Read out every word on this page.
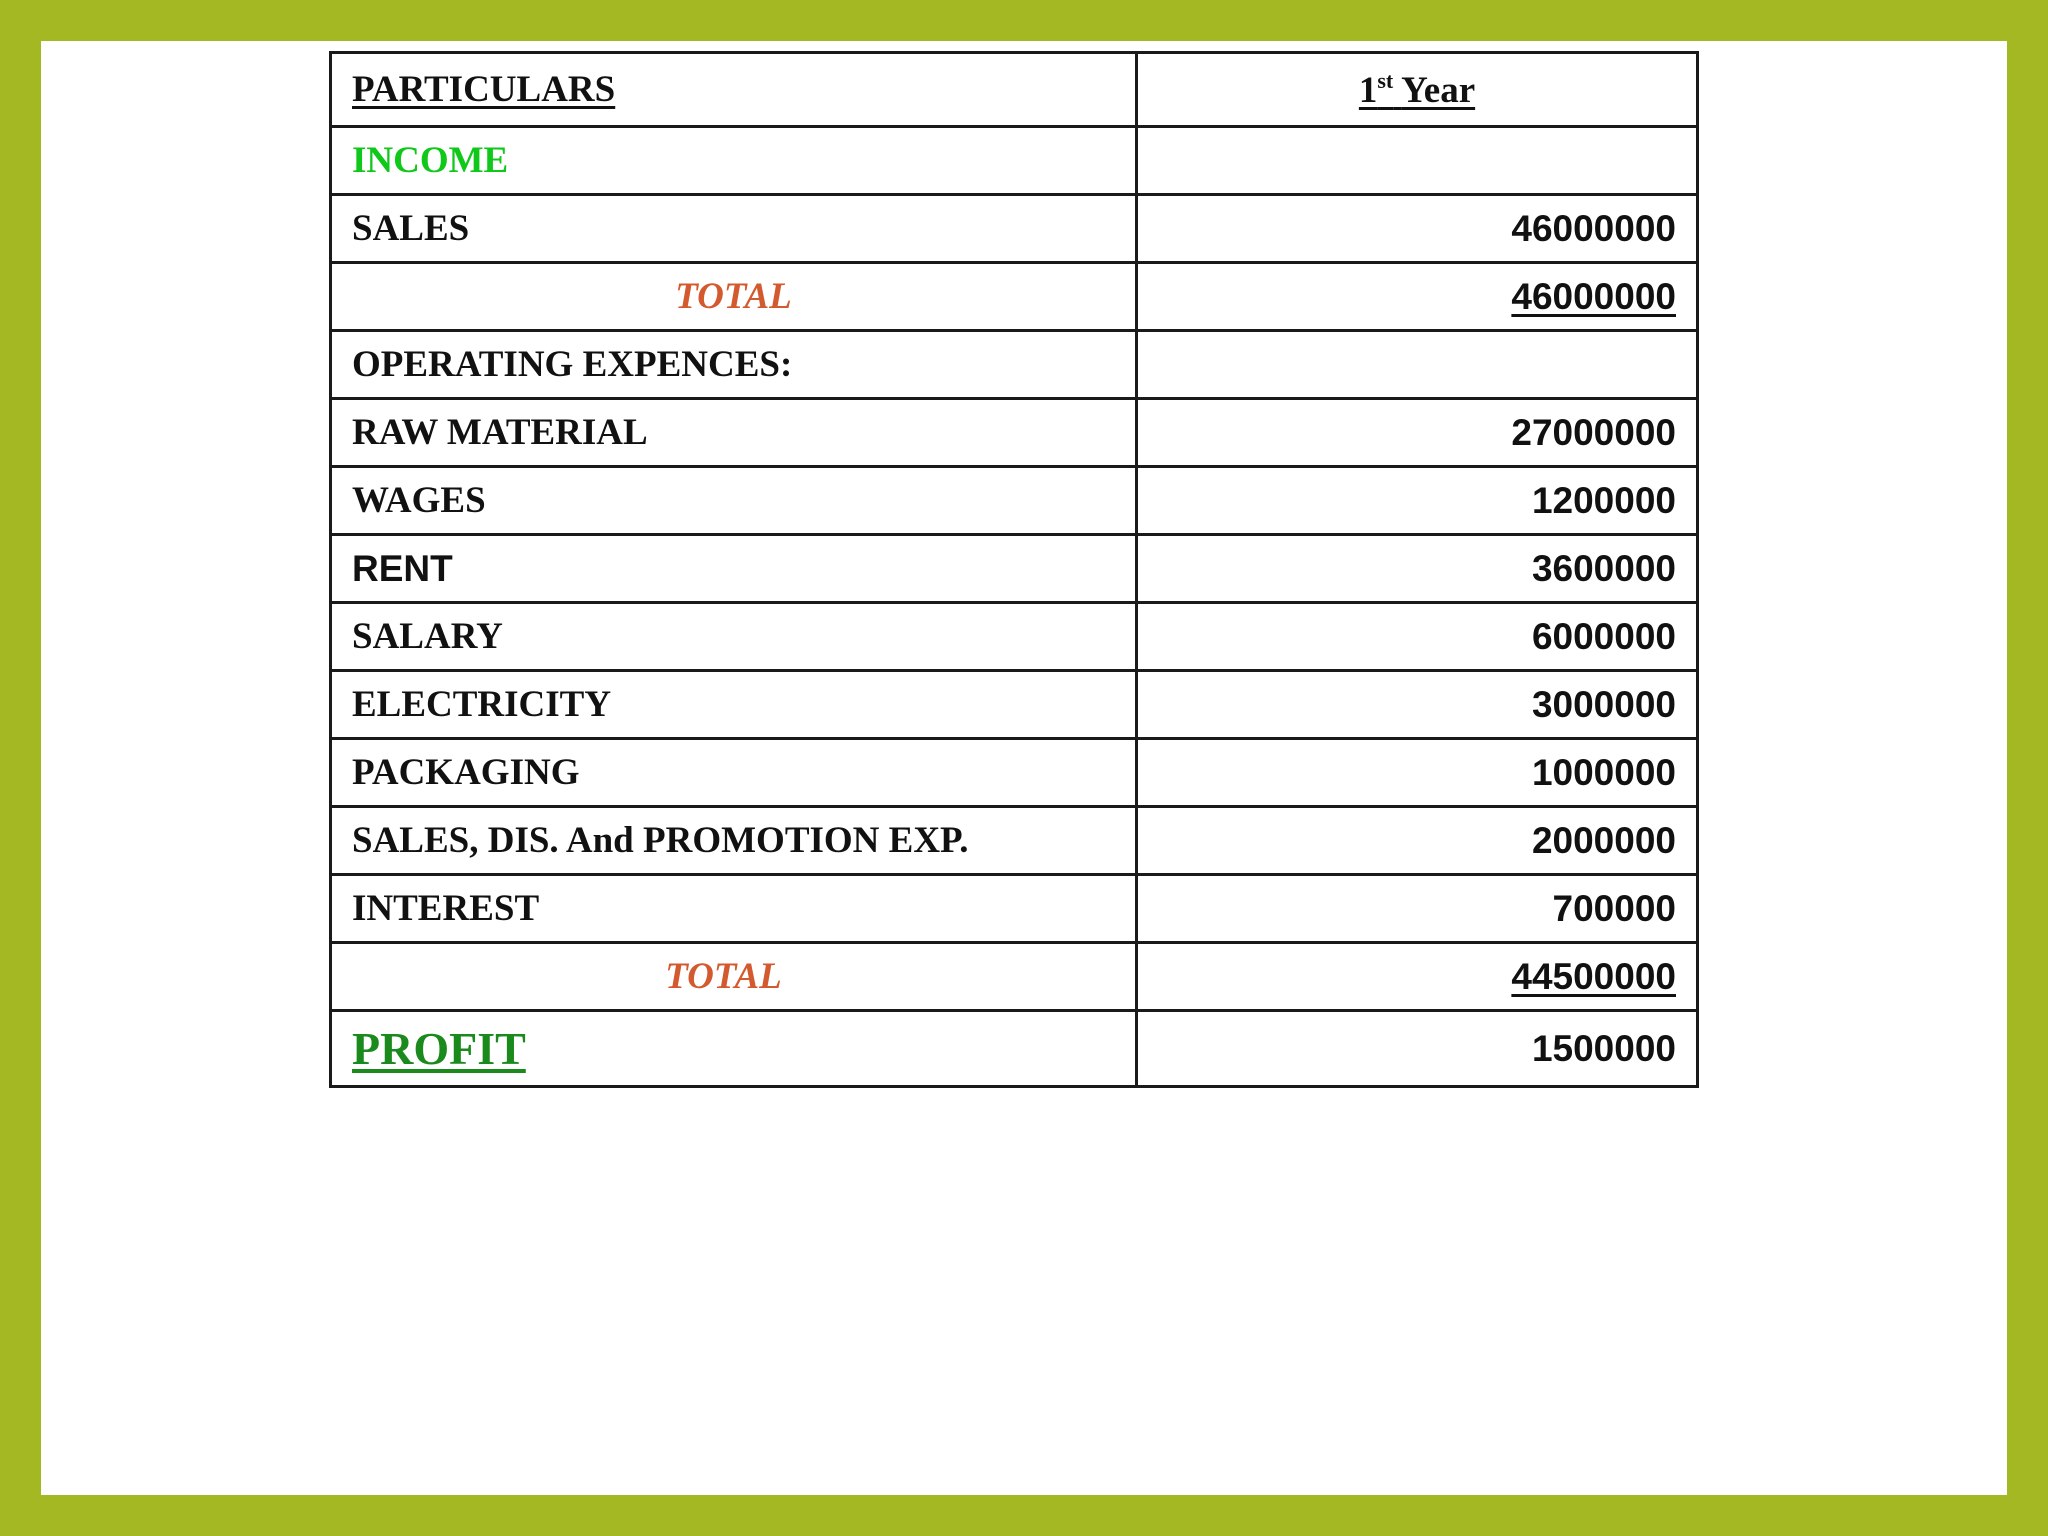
PARTICULARS	1st Year
INCOME	
SALES	46000000
TOTAL	46000000
OPERATING EXPENCES:	
RAW MATERIAL	27000000
WAGES	1200000
RENT	3600000
SALARY	6000000
ELECTRICITY	3000000
PACKAGING	1000000
SALES, DIS. And PROMOTION EXP.	2000000
INTEREST	700000
TOTAL	44500000
PROFIT	1500000
